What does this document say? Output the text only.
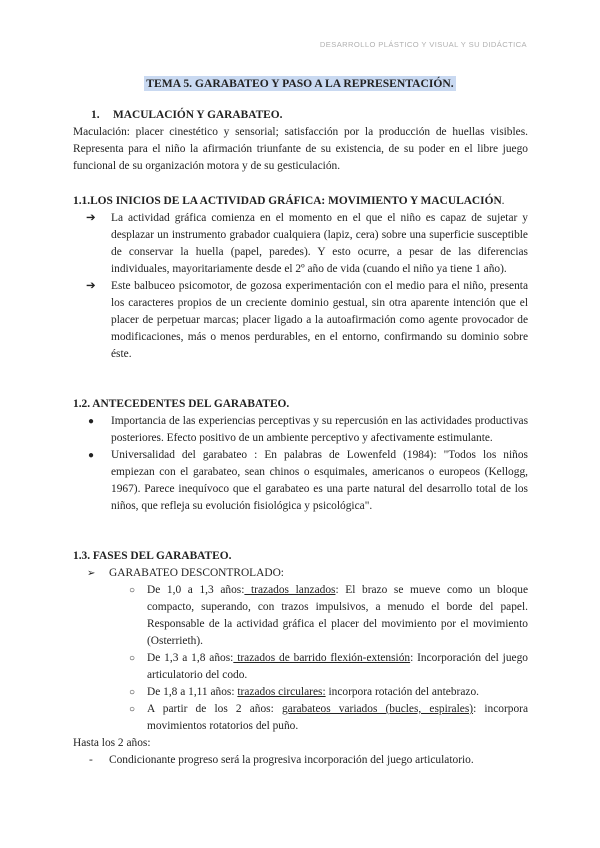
DESARROLLO PLÁSTICO Y VISUAL Y SU DIDÁCTICA
TEMA 5. GARABATEO Y PASO A LA REPRESENTACIÓN.

1. MACULACIÓN Y GARABATEO.

Maculación: placer cinestético y sensorial; satisfacción por la producción de huellas visibles. Representa para el niño la afirmación triunfante de su existencia, de su poder en el libre juego funcional de su organización motora y de su gesticulación.

1.1.LOS INICIOS DE LA ACTIVIDAD GRÁFICA: MOVIMIENTO Y MACULACIÓN.

➔ La actividad gráfica comienza en el momento en el que el niño es capaz de sujetar y desplazar un instrumento grabador cualquiera (lapiz, cera) sobre una superficie susceptible de conservar la huella (papel, paredes). Y esto ocurre, a pesar de las diferencias individuales, mayoritariamente desde el 2º año de vida (cuando el niño ya tiene 1 año).
➔ Este balbuceo psicomotor, de gozosa experimentación con el medio para el niño, presenta los caracteres propios de un creciente dominio gestual, sin otra aparente intención que el placer de perpetuar marcas; placer ligado a la autoafirmación como agente provocador de modificaciones, más o menos perdurables, en el entorno, confirmando su dominio sobre éste.

1.2. ANTECEDENTES DEL GARABATEO.

● Importancia de las experiencias perceptivas y su repercusión en las actividades productivas posteriores. Efecto positivo de un ambiente perceptivo y afectivamente estimulante.
● Universalidad del garabateo : En palabras de Lowenfeld (1984): "Todos los niños empiezan con el garabateo, sean chinos o esquimales, americanos o europeos (Kellogg, 1967). Parece inequívoco que el garabateo es una parte natural del desarrollo total de los niños, que refleja su evolución fisiológica y psicológica".

1.3. FASES DEL GARABATEO.

➢ GARABATEO DESCONTROLADO:
○ De 1,0 a 1,3 años: trazados lanzados: El brazo se mueve como un bloque compacto, superando, con trazos impulsivos, a menudo el borde del papel. Responsable de la actividad gráfica el placer del movimiento por el movimiento (Osterrieth).
○ De 1,3 a 1,8 años: trazados de barrido flexión-extensión: Incorporación del juego articulatorio del codo.
○ De 1,8 a 1,11 años: trazados circulares: incorpora rotación del antebrazo.
○ A partir de los 2 años: garabateos variados (bucles, espirales): incorpora movimientos rotatorios del puño.

Hasta los 2 años:

- Condicionante progreso será la progresiva incorporación del juego articulatorio.
